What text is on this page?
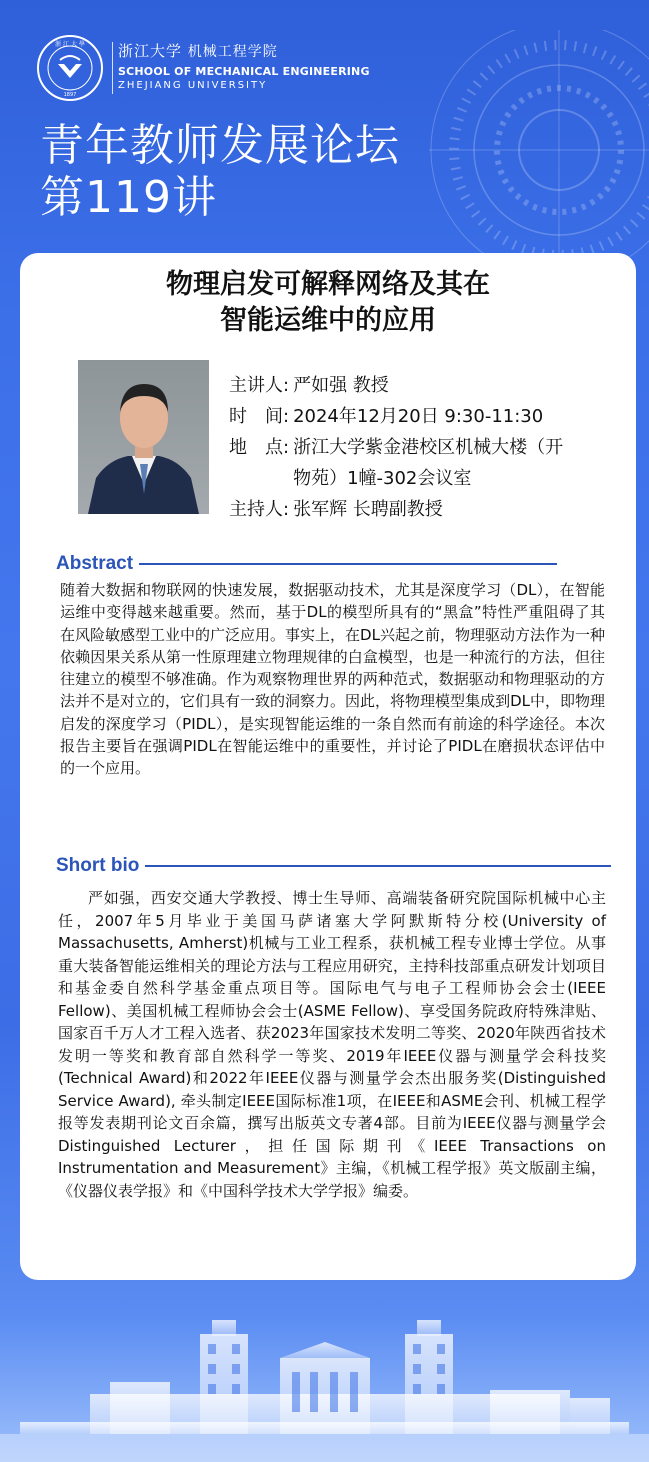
浙 江 大 學
1897
浙江大学 机械工程学院
SCHOOL OF MECHANICAL ENGINEERING
ZHEJIANG UNIVERSITY
青年教师发展论坛
第119讲
物理启发可解释网络及其在
智能运维中的应用
主讲人: 严如强 教授
时　间: 2024年12月20日 9:30-11:30
地　点: 浙江大学紫金港校区机械大楼（开
物苑）1幢-302会议室
主持人: 张军辉 长聘副教授
Abstract
随着大数据和物联网的快速发展，数据驱动技术，尤其是深度学习（DL），在智能运维中变得越来越重要。然而，基于DL的模型所具有的“黑盒”特性严重阻碍了其在风险敏感型工业中的广泛应用。事实上，在DL兴起之前，物理驱动方法作为一种依赖因果关系从第一性原理建立物理规律的白盒模型，也是一种流行的方法，但往往建立的模型不够准确。作为观察物理世界的两种范式，数据驱动和物理驱动的方法并不是对立的，它们具有一致的洞察力。因此，将物理模型集成到DL中，即物理启发的深度学习（PIDL），是实现智能运维的一条自然而有前途的科学途径。本次报告主要旨在强调PIDL在智能运维中的重要性，并讨论了PIDL在磨损状态评估中的一个应用。
Short bio
严如强，西安交通大学教授、博士生导师、高端装备研究院国际机械中心主任，2007年5月毕业于美国马萨诸塞大学阿默斯特分校(University of Massachusetts, Amherst)机械与工业工程系，获机械工程专业博士学位。从事重大装备智能运维相关的理论方法与工程应用研究，主持科技部重点研发计划项目和基金委自然科学基金重点项目等。国际电气与电子工程师协会会士(IEEE Fellow)、美国机械工程师协会会士(ASME Fellow)、享受国务院政府特殊津贴、国家百千万人才工程入选者、获2023年国家技术发明二等奖、2020年陕西省技术发明一等奖和教育部自然科学一等奖、2019年IEEE仪器与测量学会科技奖(Technical Award)和2022年IEEE仪器与测量学会杰出服务奖(Distinguished Service Award), 牵头制定IEEE国际标准1项，在IEEE和ASME会刊、机械工程学报等发表期刊论文百余篇，撰写出版英文专著4部。目前为IEEE仪器与测量学会Distinguished Lecturer，担任国际期刊《IEEE Transactions on Instrumentation and Measurement》主编，《机械工程学报》英文版副主编，《仪器仪表学报》和《中国科学技术大学学报》编委。
